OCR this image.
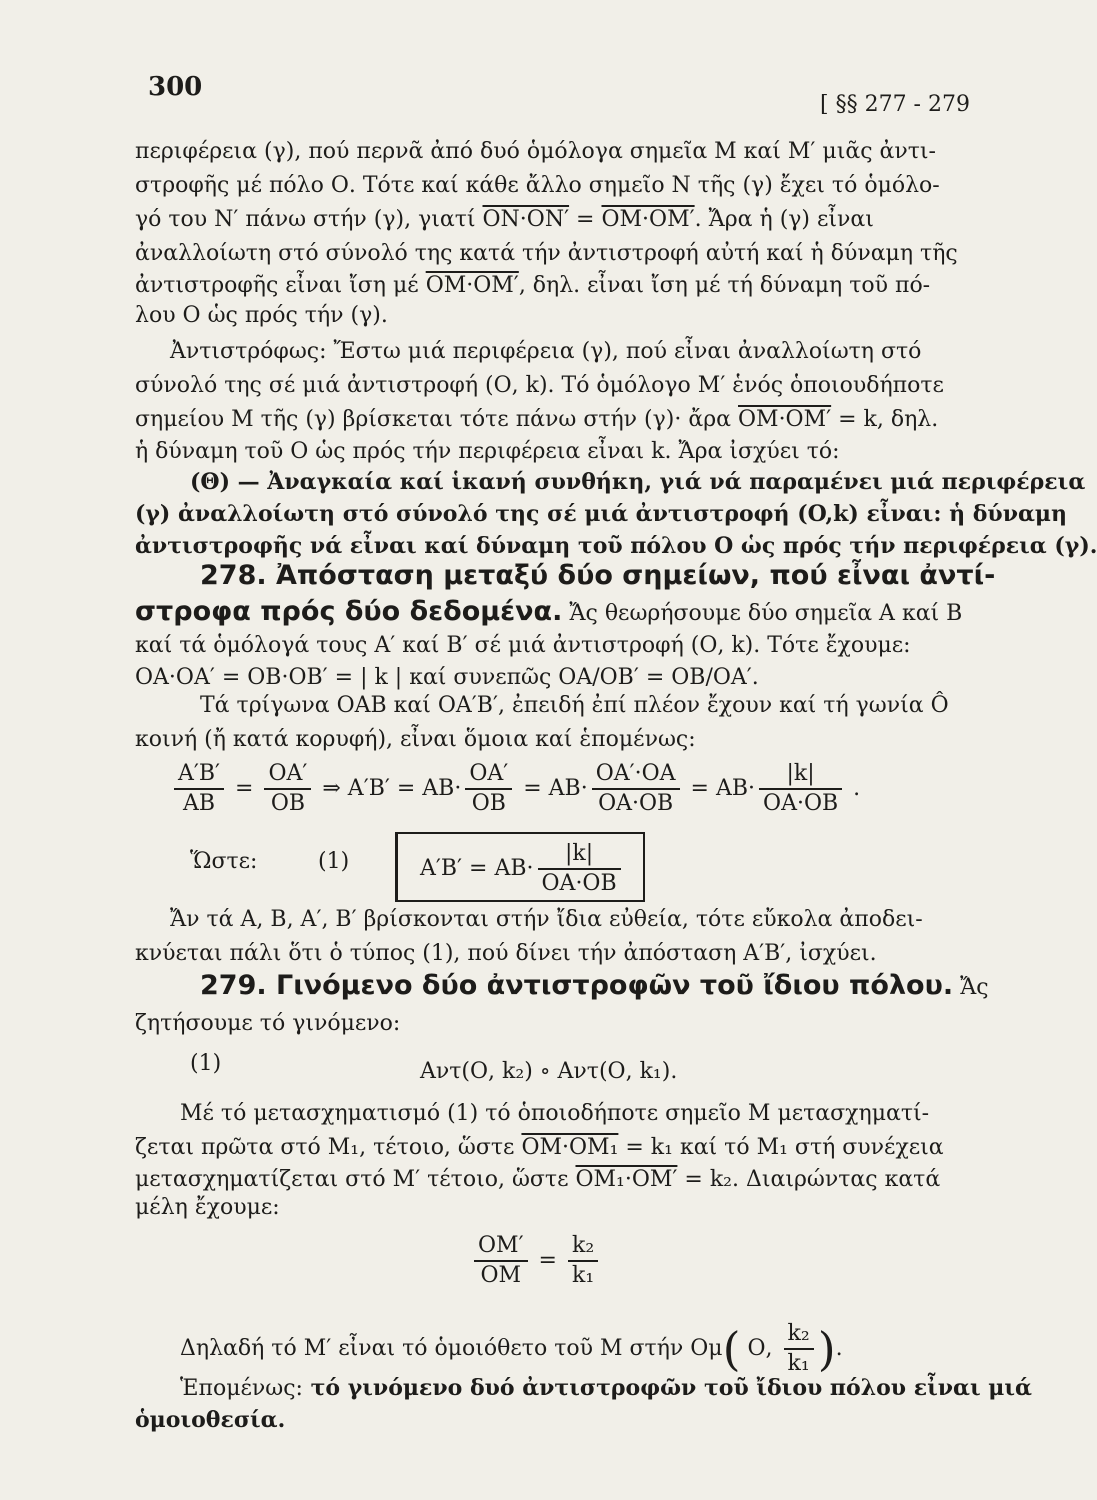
300
[ §§ 277 - 279
περιφέρεια (γ), πού περνᾶ ἀπό δυό ὁμόλογα σημεῖα Μ καί Μ′ μιᾶς ἀντι-
στροφῆς μέ πόλο Ο. Τότε καί κάθε ἄλλο σημεῖο Ν τῆς (γ) ἔχει τό ὁμόλο-
γό του Ν′ πάνω στήν (γ), γιατί ON·ON′ = OM·OM′. Ἄρα ἡ (γ) εἶναι
ἀναλλοίωτη στό σύνολό της κατά τήν ἀντιστροφή αὐτή καί ἡ δύναμη τῆς
ἀντιστροφῆς εἶναι ἴση μέ OM·OM′, δηλ. εἶναι ἴση μέ τή δύναμη τοῦ πό-
λου Ο ὡς πρός τήν (γ).
Ἀντιστρόφως: Ἔστω μιά περιφέρεια (γ), πού εἶναι ἀναλλοίωτη στό
σύνολό της σέ μιά ἀντιστροφή (Ο, k). Τό ὁμόλογο Μ′ ἑνός ὁποιουδήποτε
σημείου Μ τῆς (γ) βρίσκεται τότε πάνω στήν (γ)· ἄρα OM·OM′ = k, δηλ.
ἡ δύναμη τοῦ Ο ὡς πρός τήν περιφέρεια εἶναι k. Ἄρα ἰσχύει τό:
(Θ) — Ἀναγκαία καί ἱκανή συνθήκη, γιά νά παραμένει μιά περιφέρεια
(γ) ἀναλλοίωτη στό σύνολό της σέ μιά ἀντιστροφή (O,k) εἶναι: ἡ δύναμη
ἀντιστροφῆς νά εἶναι καί δύναμη τοῦ πόλου Ο ὡς πρός τήν περιφέρεια (γ).
278. Ἀπόσταση μεταξύ δύο σημείων, πού εἶναι ἀντί-
στροφα πρός δύο δεδομένα. Ἄς θεωρήσουμε δύο σημεῖα Α καί Β
καί τά ὁμόλογά τους Α′ καί Β′ σέ μιά ἀντιστροφή (Ο, k). Τότε ἔχουμε:
ΟΑ·ΟΑ′ = ΟΒ·ΟΒ′ = | k | καί συνεπῶς ΟΑ/ΟΒ′ = ΟΒ/ΟΑ′.
Τά τρίγωνα ΟΑΒ καί ΟΑ′Β′, ἐπειδή ἐπί πλέον ἔχουν καί τή γωνία Ô
κοινή (ἤ κατά κορυφή), εἶναι ὅμοια καί ἑπομένως:
$\frac{A'B'}{AB} = \frac{OA'}{OB}$ ⇒ $A'B' = AB\cdot \frac{OA'}{OB} = AB\cdot \frac{OA'\cdot OA}{OA\cdot OB} = AB\cdot \frac{|k|}{OA\cdot OB}$ .
Ὥστε:	(1)	$A'B' = AB\cdot \frac{|k|}{OA\cdot OB}$
Ἄν τά Α, Β, Α′, Β′ βρίσκονται στήν ἴδια εὐθεία, τότε εὔκολα ἀποδει-
κνύεται πάλι ὅτι ὁ τύπος (1), πού δίνει τήν ἀπόσταση Α′Β′, ἰσχύει.
279. Γινόμενο δύο ἀντιστροφῶν τοῦ ἴδιου πόλου. Ἄς
ζητήσουμε τό γινόμενο:
(1)	Αντ(Ο, k₂) ∘ Αντ(Ο, k₁).
Μέ τό μετασχηματισμό (1) τό ὁποιοδήποτε σημεῖο Μ μετασχηματί-
ζεται πρῶτα στό Μ₁, τέτοιο, ὥστε ΟΜ·ΟΜ₁ = k₁ καί τό Μ₁ στή συνέχεια
μετασχηματίζεται στό Μ′ τέτοιο, ὥστε ΟΜ₁·ΟΜ′ = k₂. Διαιρώντας κατά
μέλη ἔχουμε:
$\frac{OM'}{OM} = \frac{\text{k₂}}{\text{k₁}}$
Δηλαδή τό Μ′ εἶναι τό ὁμοιόθετο τοῦ Μ στήν Ομ( Ο, $\frac{\text{k₂}}{\text{k₁}}$ ).
Ἑπομένως: τό γινόμενο δυό ἀντιστροφῶν τοῦ ἴδιου πόλου εἶναι μιά
ὁμοιοθεσία.
